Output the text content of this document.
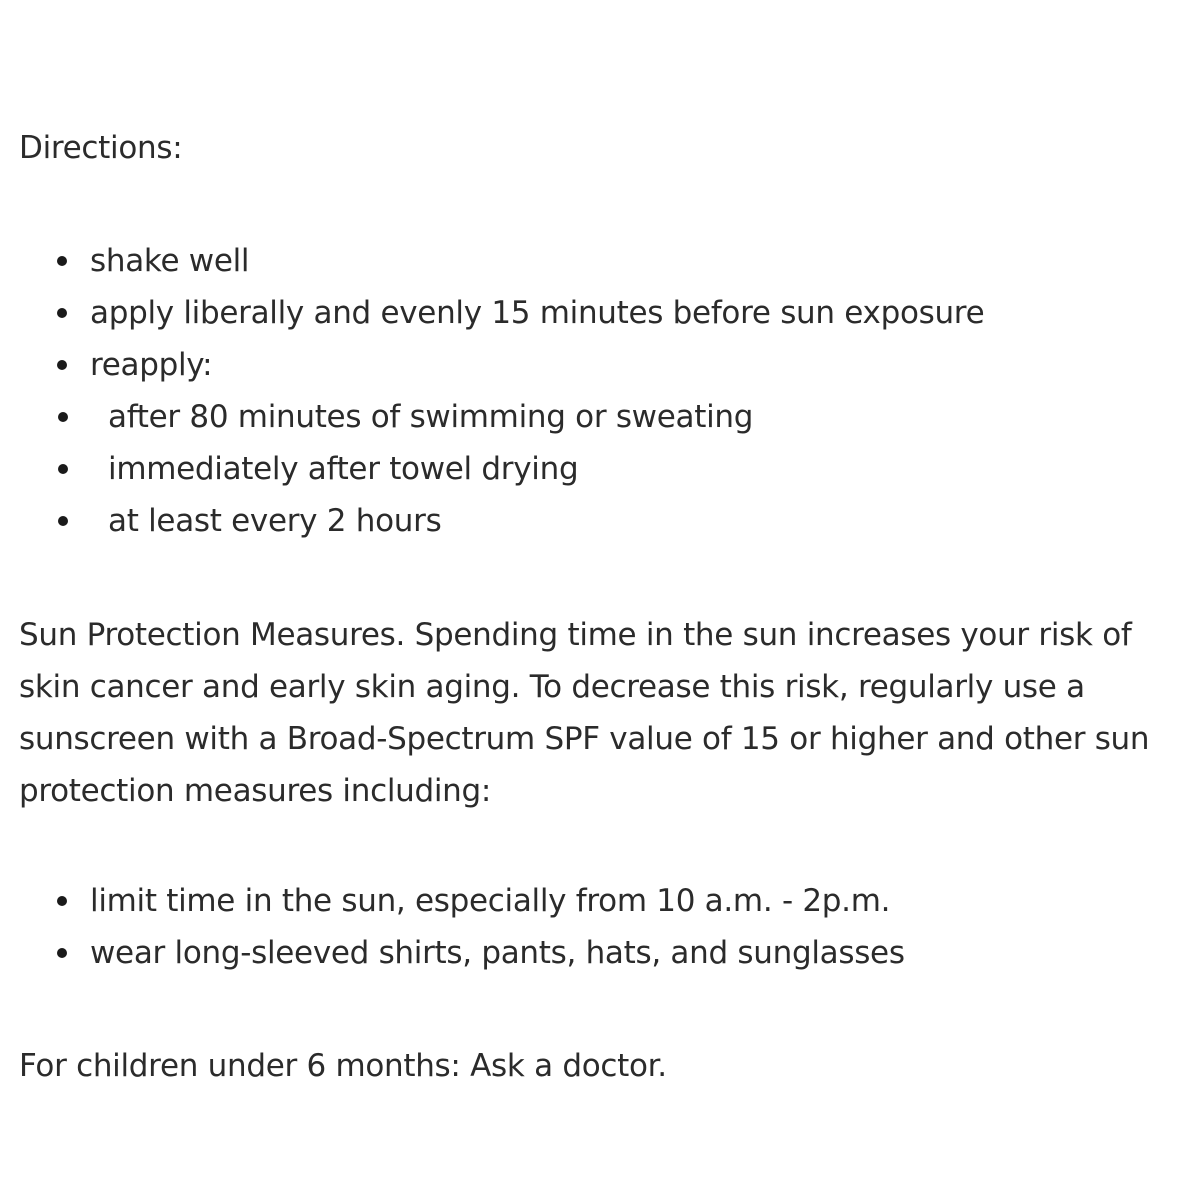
Directions:
shake well
apply liberally and evenly 15 minutes before sun exposure
reapply:
after 80 minutes of swimming or sweating
immediately after towel drying
at least every 2 hours
Sun Protection Measures. Spending time in the sun increases your risk of
skin cancer and early skin aging. To decrease this risk, regularly use a
sunscreen with a Broad-Spectrum SPF value of 15 or higher and other sun
protection measures including:
limit time in the sun, especially from 10 a.m. - 2p.m.
wear long-sleeved shirts, pants, hats, and sunglasses
For children under 6 months: Ask a doctor.
